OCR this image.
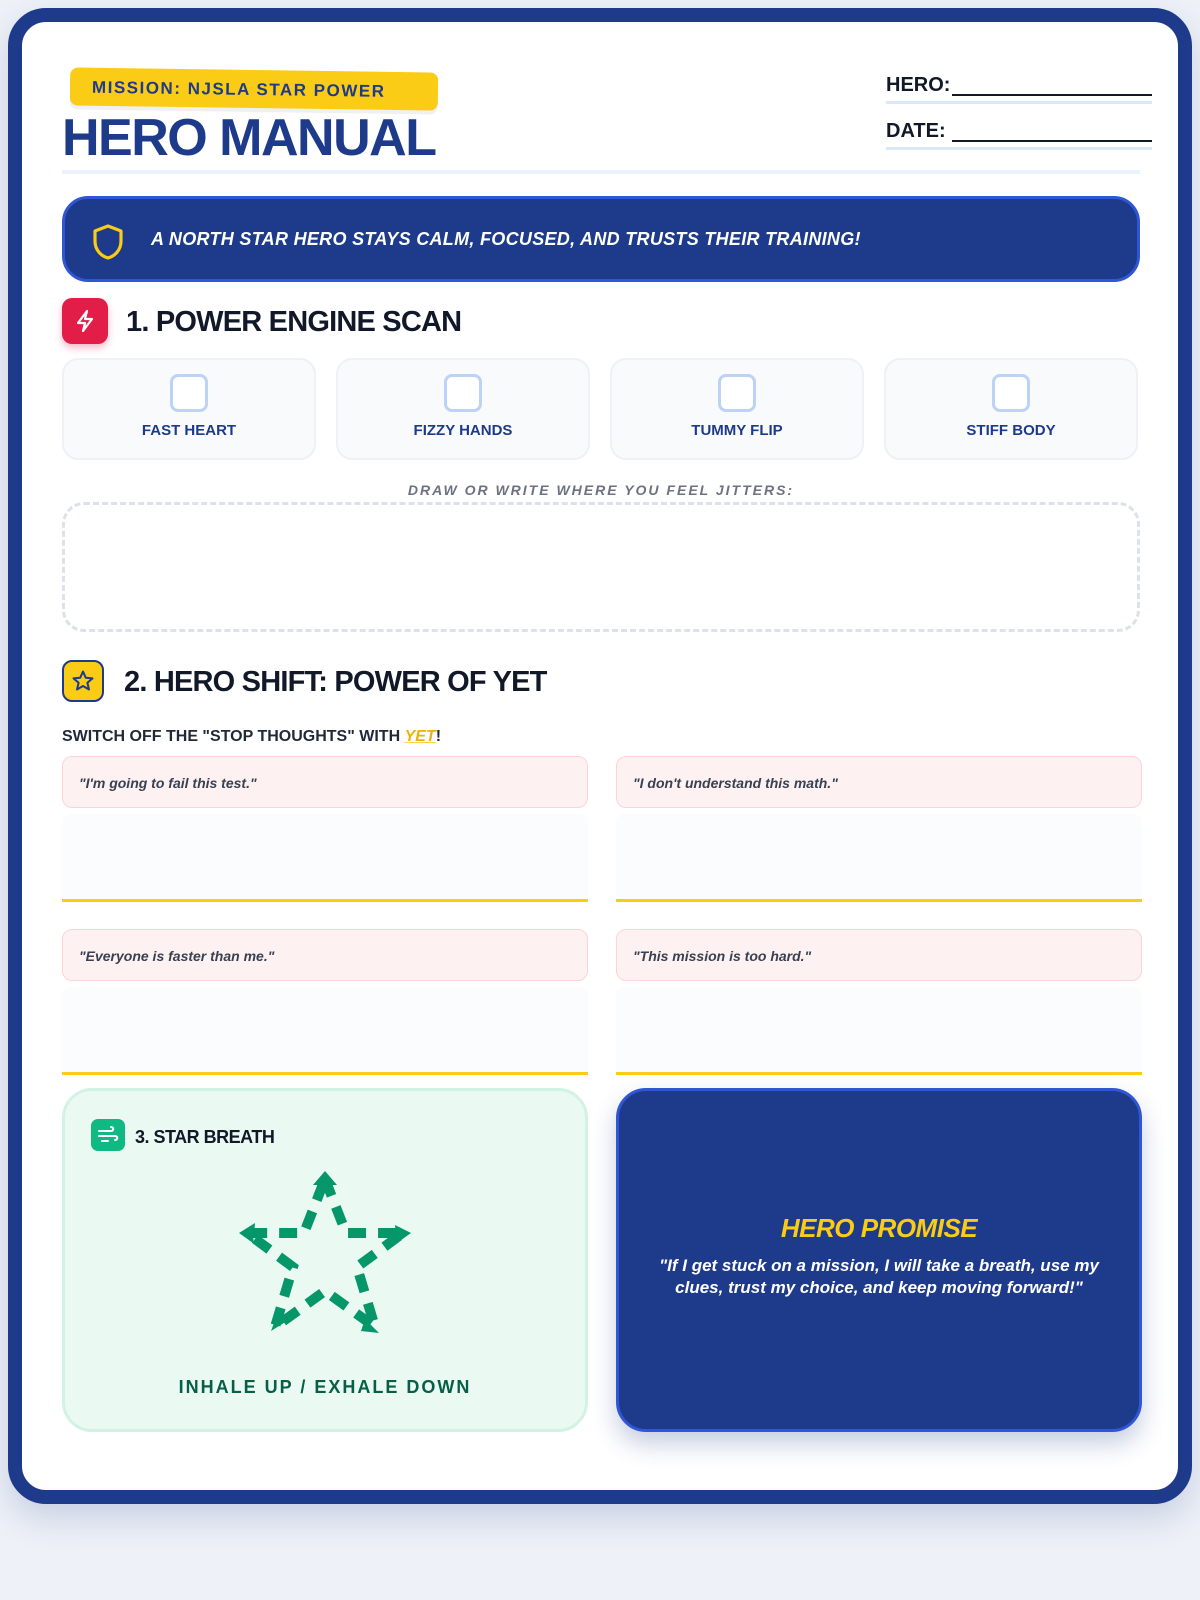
MISSION: NJSLA STAR POWER
HERO MANUAL
HERO:
DATE:
A NORTH STAR HERO STAYS CALM, FOCUSED, AND TRUSTS THEIR TRAINING!
1. POWER ENGINE SCAN
FAST HEART	FIZZY HANDS	TUMMY FLIP	STIFF BODY
DRAW OR WRITE WHERE YOU FEEL JITTERS:
2. HERO SHIFT: POWER OF YET
SWITCH OFF THE "STOP THOUGHTS" WITH YET!
"I'm going to fail this test."	"I don't understand this math."
"Everyone is faster than me."	"This mission is too hard."
3. STAR BREATH
INHALE UP / EXHALE DOWN
HERO PROMISE
"If I get stuck on a mission, I will take a breath, use my clues, trust my choice, and keep moving forward!"
